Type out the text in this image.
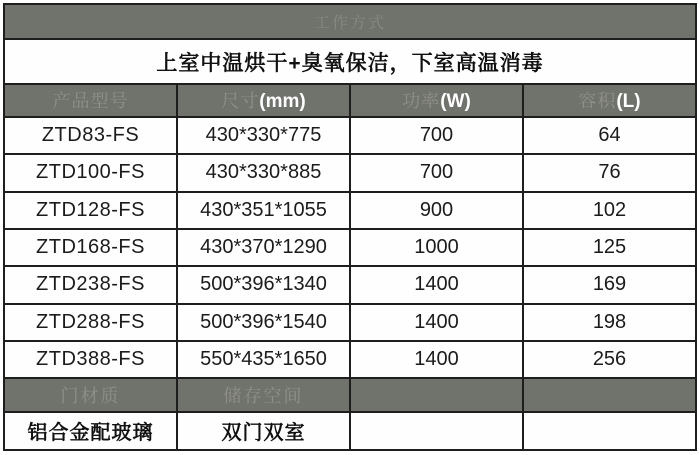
工作方式			
上室中温烘干+臭氧保洁，下室高温消毒			
产品型号	尺寸(mm)	功率(W)	容积(L)
ZTD83-FS	430*330*775	700	64
ZTD100-FS	430*330*885	700	76
ZTD128-FS	430*351*1055	900	102
ZTD168-FS	430*370*1290	1000	125
ZTD238-FS	500*396*1340	1400	169
ZTD288-FS	500*396*1540	1400	198
ZTD388-FS	550*435*1650	1400	256
门材质	储存空间		
铝合金配玻璃	双门双室		
